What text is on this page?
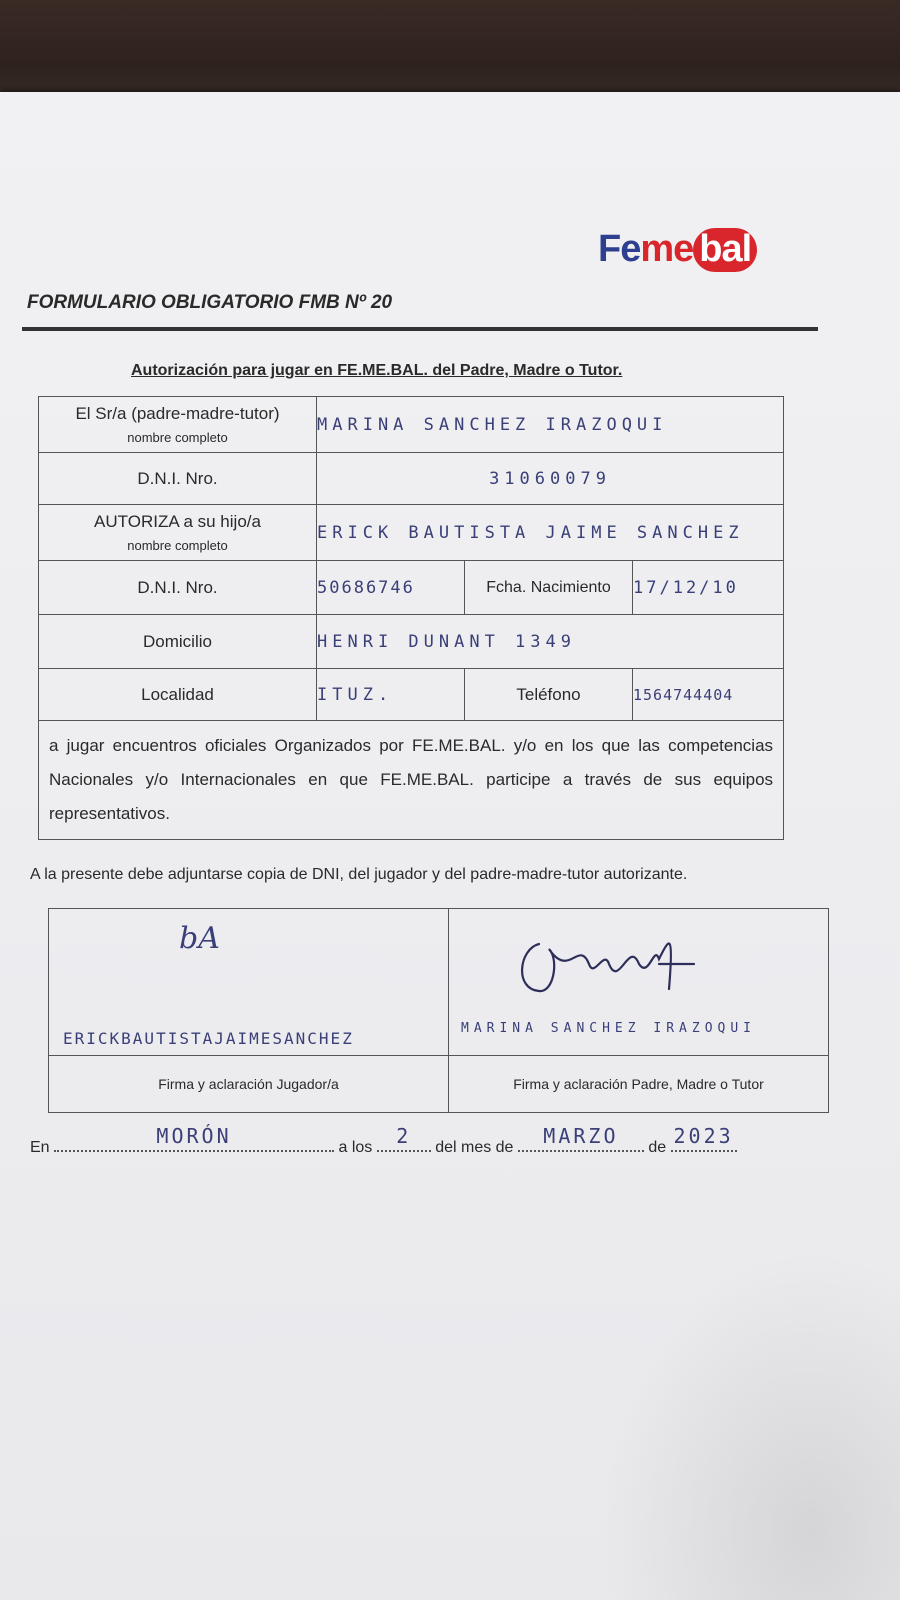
Feme bal
FORMULARIO OBLIGATORIO FMB Nº 20
Autorización para jugar en FE.ME.BAL. del Padre, Madre o Tutor.
El Sr/a (padre-madre-tutor)
nombre completo	MARINA SANCHEZ IRAZOQUI		
D.N.I. Nro.	31060079		
AUTORIZA a su hijo/a
nombre completo	ERICK BAUTISTA JAIME SANCHEZ		
D.N.I. Nro.	50686746	Fcha. Nacimiento	17/12/10
Domicilio	HENRI DUNANT 1349		
Localidad	ITUZ.	Teléfono	1564744404
a jugar encuentros oficiales Organizados por FE.ME.BAL. y/o en los que las competencias Nacionales y/o Internacionales en que FE.ME.BAL. participe a través de sus equipos representativos.			
A la presente debe adjuntarse copia de DNI, del jugador y del padre-madre-tutor autorizante.
bA
ERICKBAUTISTAJAIMESANCHEZ	MARINA SANCHEZ IRAZOQUI

Firma y aclaración Jugador/a	Firma y aclaración Padre, Madre o Tutor
En	MORÓN	a los	2	del mes de	MARZO	de 2023
